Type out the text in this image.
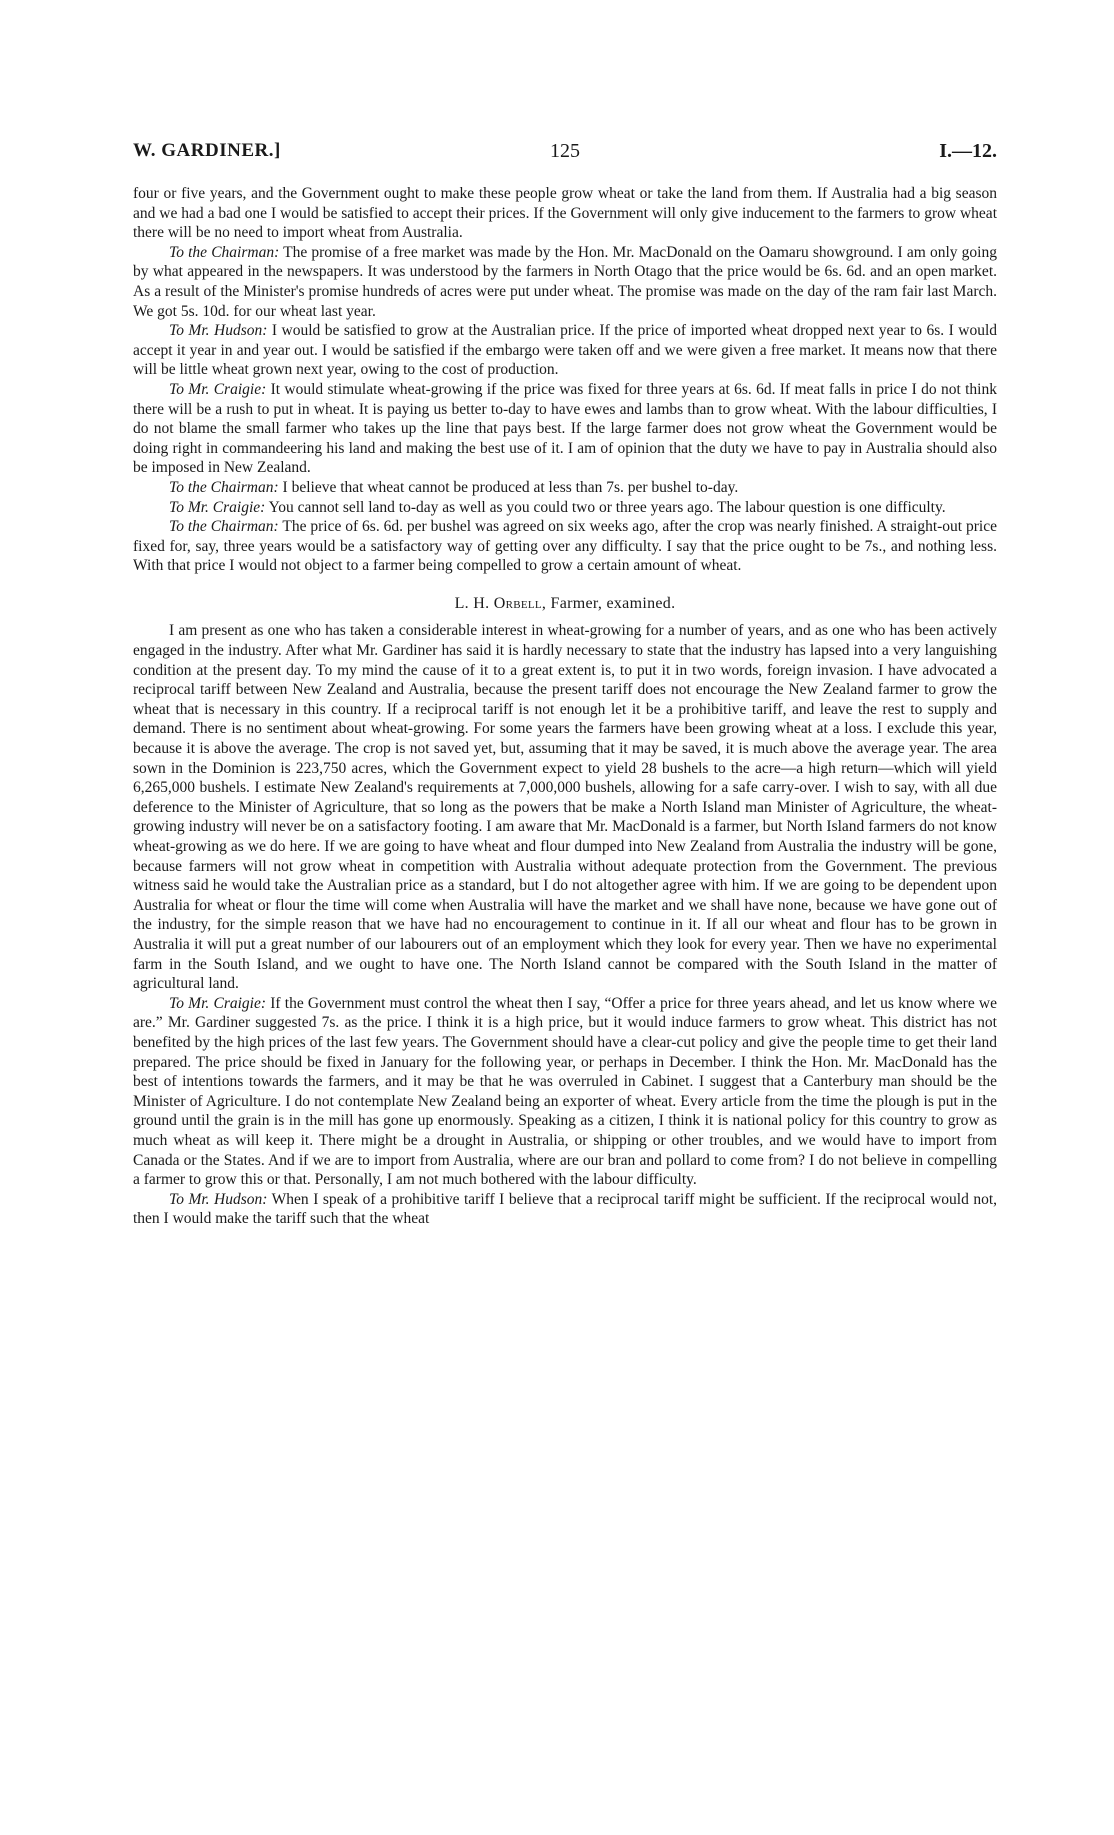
W. GARDINER.]	125	I.—12.

four or five years, and the Government ought to make these people grow wheat or take the land from them. If Australia had a big season and we had a bad one I would be satisfied to accept their prices. If the Government will only give inducement to the farmers to grow wheat there will be no need to import wheat from Australia.

To the Chairman: The promise of a free market was made by the Hon. Mr. MacDonald on the Oamaru showground. I am only going by what appeared in the newspapers. It was understood by the farmers in North Otago that the price would be 6s. 6d. and an open market. As a result of the Minister's promise hundreds of acres were put under wheat. The promise was made on the day of the ram fair last March. We got 5s. 10d. for our wheat last year.

To Mr. Hudson: I would be satisfied to grow at the Australian price. If the price of imported wheat dropped next year to 6s. I would accept it year in and year out. I would be satisfied if the embargo were taken off and we were given a free market. It means now that there will be little wheat grown next year, owing to the cost of production.

To Mr. Craigie: It would stimulate wheat-growing if the price was fixed for three years at 6s. 6d. If meat falls in price I do not think there will be a rush to put in wheat. It is paying us better to-day to have ewes and lambs than to grow wheat. With the labour difficulties, I do not blame the small farmer who takes up the line that pays best. If the large farmer does not grow wheat the Government would be doing right in commandeering his land and making the best use of it. I am of opinion that the duty we have to pay in Australia should also be imposed in New Zealand.

To the Chairman: I believe that wheat cannot be produced at less than 7s. per bushel to-day.

To Mr. Craigie: You cannot sell land to-day as well as you could two or three years ago. The labour question is one difficulty.

To the Chairman: The price of 6s. 6d. per bushel was agreed on six weeks ago, after the crop was nearly finished. A straight-out price fixed for, say, three years would be a satisfactory way of getting over any difficulty. I say that the price ought to be 7s., and nothing less. With that price I would not object to a farmer being compelled to grow a certain amount of wheat.

L. H. Orbell, Farmer, examined.

I am present as one who has taken a considerable interest in wheat-growing for a number of years, and as one who has been actively engaged in the industry. After what Mr. Gardiner has said it is hardly necessary to state that the industry has lapsed into a very languishing condition at the present day. To my mind the cause of it to a great extent is, to put it in two words, foreign invasion. I have advocated a reciprocal tariff between New Zealand and Australia, because the present tariff does not encourage the New Zealand farmer to grow the wheat that is necessary in this country. If a reciprocal tariff is not enough let it be a prohibitive tariff, and leave the rest to supply and demand. There is no sentiment about wheat-growing. For some years the farmers have been growing wheat at a loss. I exclude this year, because it is above the average. The crop is not saved yet, but, assuming that it may be saved, it is much above the average year. The area sown in the Dominion is 223,750 acres, which the Government expect to yield 28 bushels to the acre—a high return—which will yield 6,265,000 bushels. I estimate New Zealand's requirements at 7,000,000 bushels, allowing for a safe carry-over. I wish to say, with all due deference to the Minister of Agriculture, that so long as the powers that be make a North Island man Minister of Agriculture, the wheat-growing industry will never be on a satisfactory footing. I am aware that Mr. MacDonald is a farmer, but North Island farmers do not know wheat-growing as we do here. If we are going to have wheat and flour dumped into New Zealand from Australia the industry will be gone, because farmers will not grow wheat in competition with Australia without adequate protection from the Government. The previous witness said he would take the Australian price as a standard, but I do not altogether agree with him. If we are going to be dependent upon Australia for wheat or flour the time will come when Australia will have the market and we shall have none, because we have gone out of the industry, for the simple reason that we have had no encouragement to continue in it. If all our wheat and flour has to be grown in Australia it will put a great number of our labourers out of an employment which they look for every year. Then we have no experimental farm in the South Island, and we ought to have one. The North Island cannot be compared with the South Island in the matter of agricultural land.

To Mr. Craigie: If the Government must control the wheat then I say, “Offer a price for three years ahead, and let us know where we are.” Mr. Gardiner suggested 7s. as the price. I think it is a high price, but it would induce farmers to grow wheat. This district has not benefited by the high prices of the last few years. The Government should have a clear-cut policy and give the people time to get their land prepared. The price should be fixed in January for the following year, or perhaps in December. I think the Hon. Mr. MacDonald has the best of intentions towards the farmers, and it may be that he was overruled in Cabinet. I suggest that a Canterbury man should be the Minister of Agriculture. I do not contemplate New Zealand being an exporter of wheat. Every article from the time the plough is put in the ground until the grain is in the mill has gone up enormously. Speaking as a citizen, I think it is national policy for this country to grow as much wheat as will keep it. There might be a drought in Australia, or shipping or other troubles, and we would have to import from Canada or the States. And if we are to import from Australia, where are our bran and pollard to come from? I do not believe in compelling a farmer to grow this or that. Personally, I am not much bothered with the labour difficulty.

To Mr. Hudson: When I speak of a prohibitive tariff I believe that a reciprocal tariff might be sufficient. If the reciprocal would not, then I would make the tariff such that the wheat
